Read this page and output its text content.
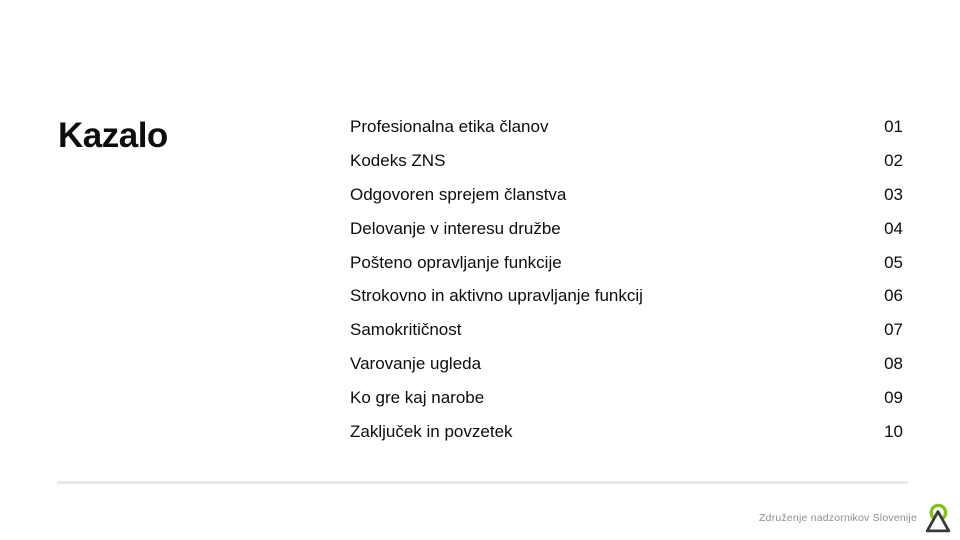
Kazalo	Profesionalna etika članov	01
Kodeks ZNS	02
Odgovoren sprejem članstva	03
Delovanje v interesu družbe	04
Pošteno opravljanje funkcije	05
Strokovno in aktivno upravljanje funkcij	06
Samokritičnost	07
Varovanje ugleda	08
Ko gre kaj narobe	09
Zaključek in povzetek	10
Združenje nadzornikov Slovenije
